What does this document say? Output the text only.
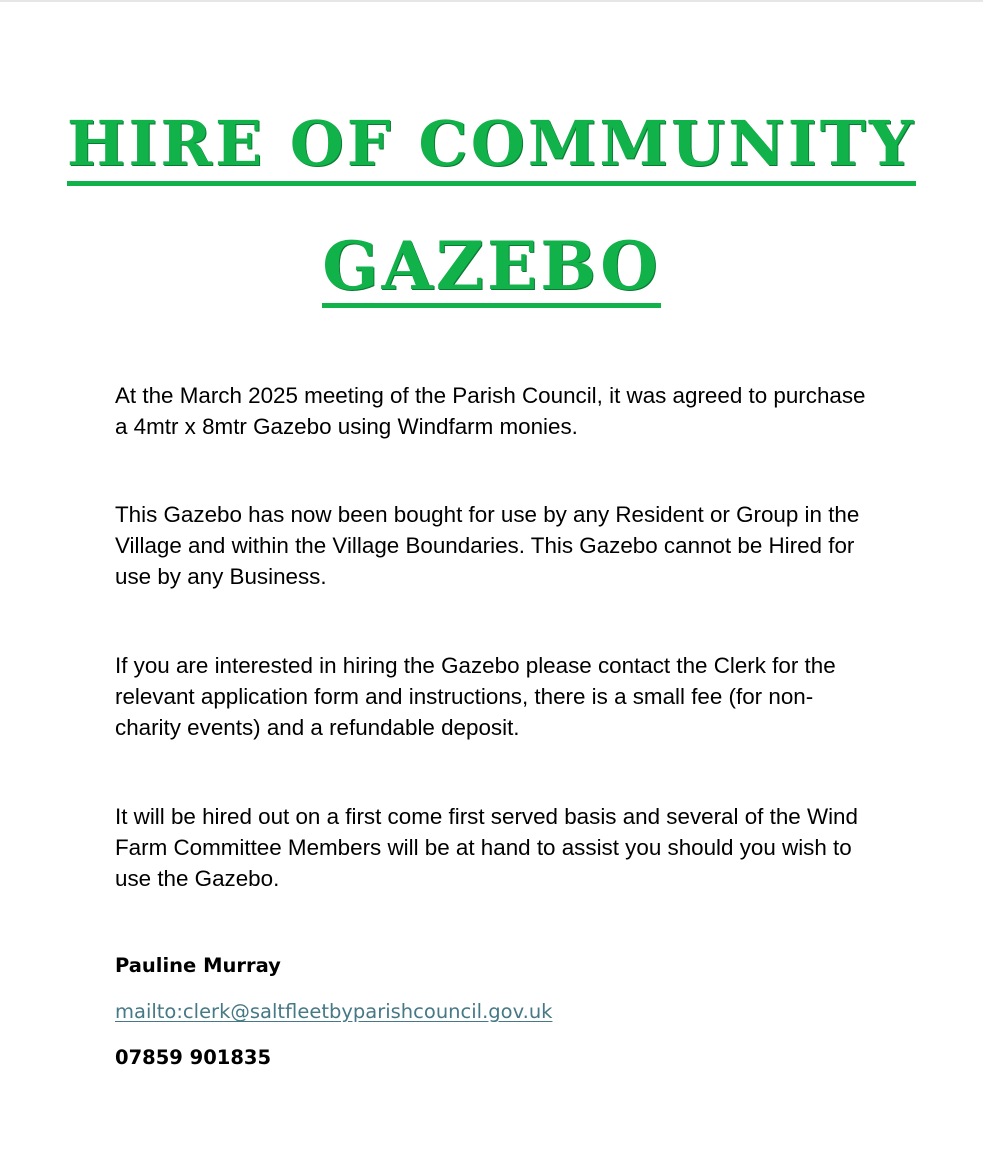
HIRE OF COMMUNITY
GAZEBO

At the March 2025 meeting of the Parish Council, it was agreed to purchase a 4mtr x 8mtr Gazebo using Windfarm monies.

This Gazebo has now been bought for use by any Resident or Group in the Village and within the Village Boundaries. This Gazebo cannot be Hired for use by any Business.

If you are interested in hiring the Gazebo please contact the Clerk for the relevant application form and instructions, there is a small fee (for non-charity events) and a refundable deposit.

It will be hired out on a first come first served basis and several of the Wind Farm Committee Members will be at hand to assist you should you wish to use the Gazebo.

Pauline Murray
mailto:clerk@saltfleetbyparishcouncil.gov.uk
07859 901835
